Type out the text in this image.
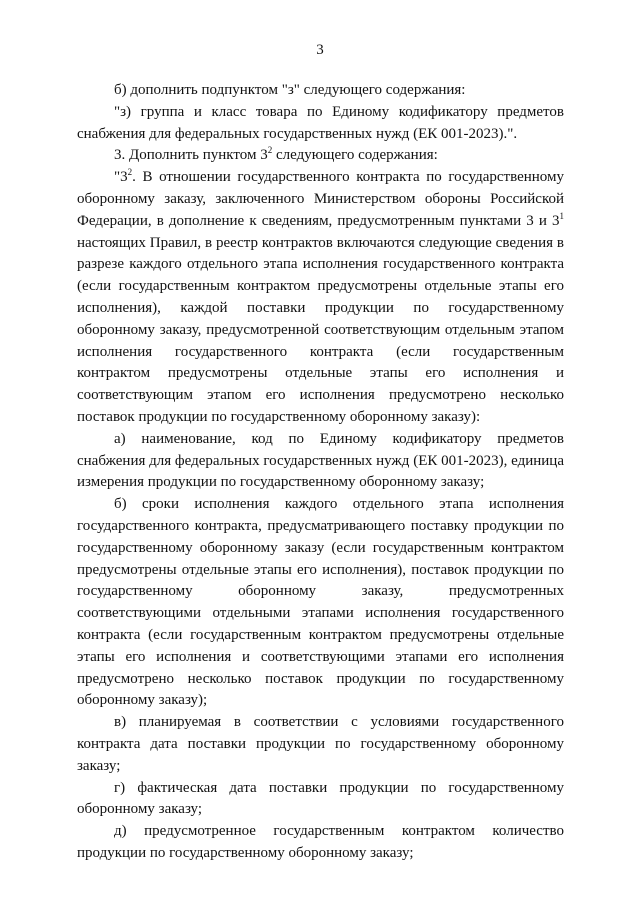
3

б) дополнить подпунктом "з" следующего содержания:

"з) группа и класс товара по Единому кодификатору предметов снабжения для федеральных государственных нужд (ЕК 001-2023).".

3. Дополнить пунктом $3^2$ следующего содержания:

"$3^2$. В отношении государственного контракта по государственному оборонному заказу, заключенного Министерством обороны Российской Федерации, в дополнение к сведениям, предусмотренным пунктами 3 и $3^1$ настоящих Правил, в реестр контрактов включаются следующие сведения в разрезе каждого отдельного этапа исполнения государственного контракта (если государственным контрактом предусмотрены отдельные этапы его исполнения), каждой поставки продукции по государственному оборонному заказу, предусмотренной соответствующим отдельным этапом исполнения государственного контракта (если государственным контрактом предусмотрены отдельные этапы его исполнения и соответствующим этапом его исполнения предусмотрено несколько поставок продукции по государственному оборонному заказу):

а) наименование, код по Единому кодификатору предметов снабжения для федеральных государственных нужд (ЕК 001-2023), единица измерения продукции по государственному оборонному заказу;

б) сроки исполнения каждого отдельного этапа исполнения государственного контракта, предусматривающего поставку продукции по государственному оборонному заказу (если государственным контрактом предусмотрены отдельные этапы его исполнения), поставок продукции по государственному оборонному заказу, предусмотренных соответствующими отдельными этапами исполнения государственного контракта (если государственным контрактом предусмотрены отдельные этапы его исполнения и соответствующими этапами его исполнения предусмотрено несколько поставок продукции по государственному оборонному заказу);

в) планируемая в соответствии с условиями государственного контракта дата поставки продукции по государственному оборонному заказу;

г) фактическая дата поставки продукции по государственному оборонному заказу;

д) предусмотренное государственным контрактом количество продукции по государственному оборонному заказу;
